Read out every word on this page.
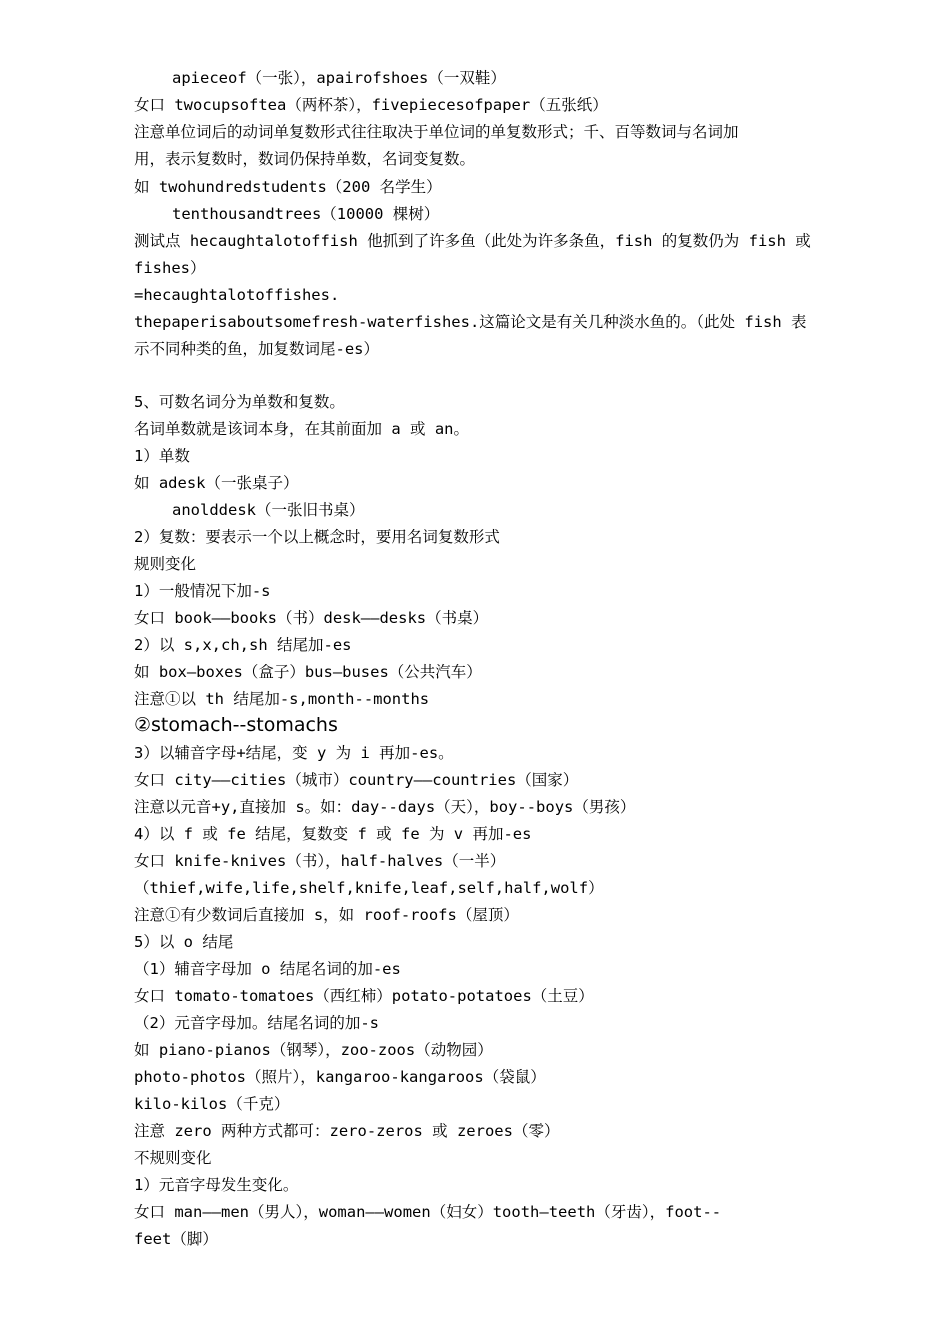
apieceof（一张），apairofshoes（一双鞋）
女口 twocupsoftea（两杯茶），fivepiecesofpaper（五张纸）
注意单位词后的动词单复数形式往往取决于单位词的单复数形式；千、百等数词与名词加
用，表示复数时，数词仍保持单数，名词变复数。
如 twohundredstudents（200 名学生）
tenthousandtrees（10000 棵树）
测试点 hecaughtalotoffish 他抓到了许多鱼（此处为许多条鱼，fish 的复数仍为 fish 或
fishes）
=hecaughtalotoffishes.
thepaperisaboutsomefresh-waterfishes.这篇论文是有关几种淡水鱼的。（此处 fish 表
示不同种类的鱼，加复数词尾-es）
5、可数名词分为单数和复数。
名词单数就是该词本身，在其前面加 a 或 an。
1）单数
如 adesk（一张桌子）
anolddesk（一张旧书桌）
2）复数：要表示一个以上概念时，要用名词复数形式
规则变化
1）一般情况下加-s
女口 book——books（书）desk——desks（书桌）
2）以 s,x,ch,sh 结尾加-es
如 box—boxes（盒子）bus—buses（公共汽车）
注意①以 th 结尾加-s,month--months
②stomach--stomachs
3）以辅音字母+结尾，变 y 为 i 再加-es。
女口 city——cities（城市）country——countries（国家）
注意以元音+y,直接加 s。如：day--days（天），boy--boys（男孩）
4）以 f 或 fe 结尾，复数变 f 或 fe 为 v 再加-es
女口 knife-knives（书），half-halves（一半）
（thief,wife,life,shelf,knife,leaf,self,half,wolf）
注意①有少数词后直接加 s，如 roof-roofs（屋顶）
5）以 o 结尾
（1）辅音字母加 o 结尾名词的加-es
女口 tomato-tomatoes（西红柿）potato-potatoes（土豆）
（2）元音字母加。结尾名词的加-s
如 piano-pianos（钢琴），zoo-zoos（动物园）
photo-photos（照片），kangaroo-kangaroos（袋鼠）
kilo-kilos（千克）
注意 zero 两种方式都可：zero-zeros 或 zeroes（零）
不规则变化
1）元音字母发生变化。
女口 man——men（男人），woman——women（妇女）tooth—teeth（牙齿），foot--
feet（脚）
